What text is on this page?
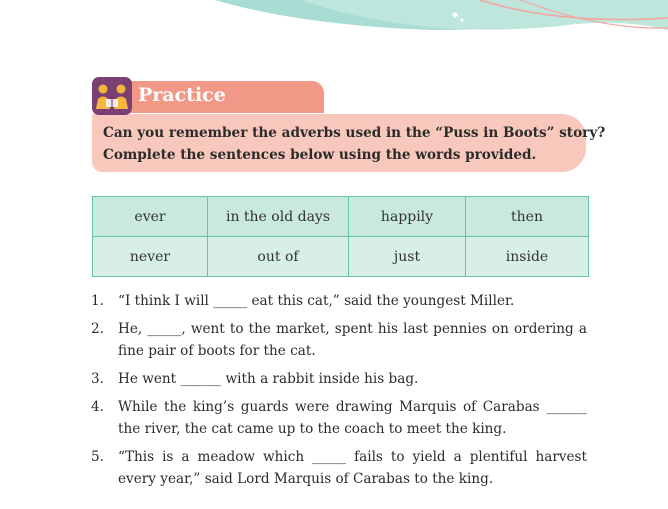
Practice
Can you remember the adverbs used in the “Puss in Boots” story?
Complete the sentences below using the words provided.
ever	in the old days	happily	then
never	out of	just	inside
1. “I think I will _____ eat this cat,” said the youngest Miller.
2. He, _____, went to the market, spent his last pennies on ordering a fine pair of boots for the cat.
3. He went ______ with a rabbit inside his bag.
4. While the king’s guards were drawing Marquis of Carabas ______ the river, the cat came up to the coach to meet the king.
5. “This is a meadow which _____ fails to yield a plentiful harvest every year,” said Lord Marquis of Carabas to the king.
